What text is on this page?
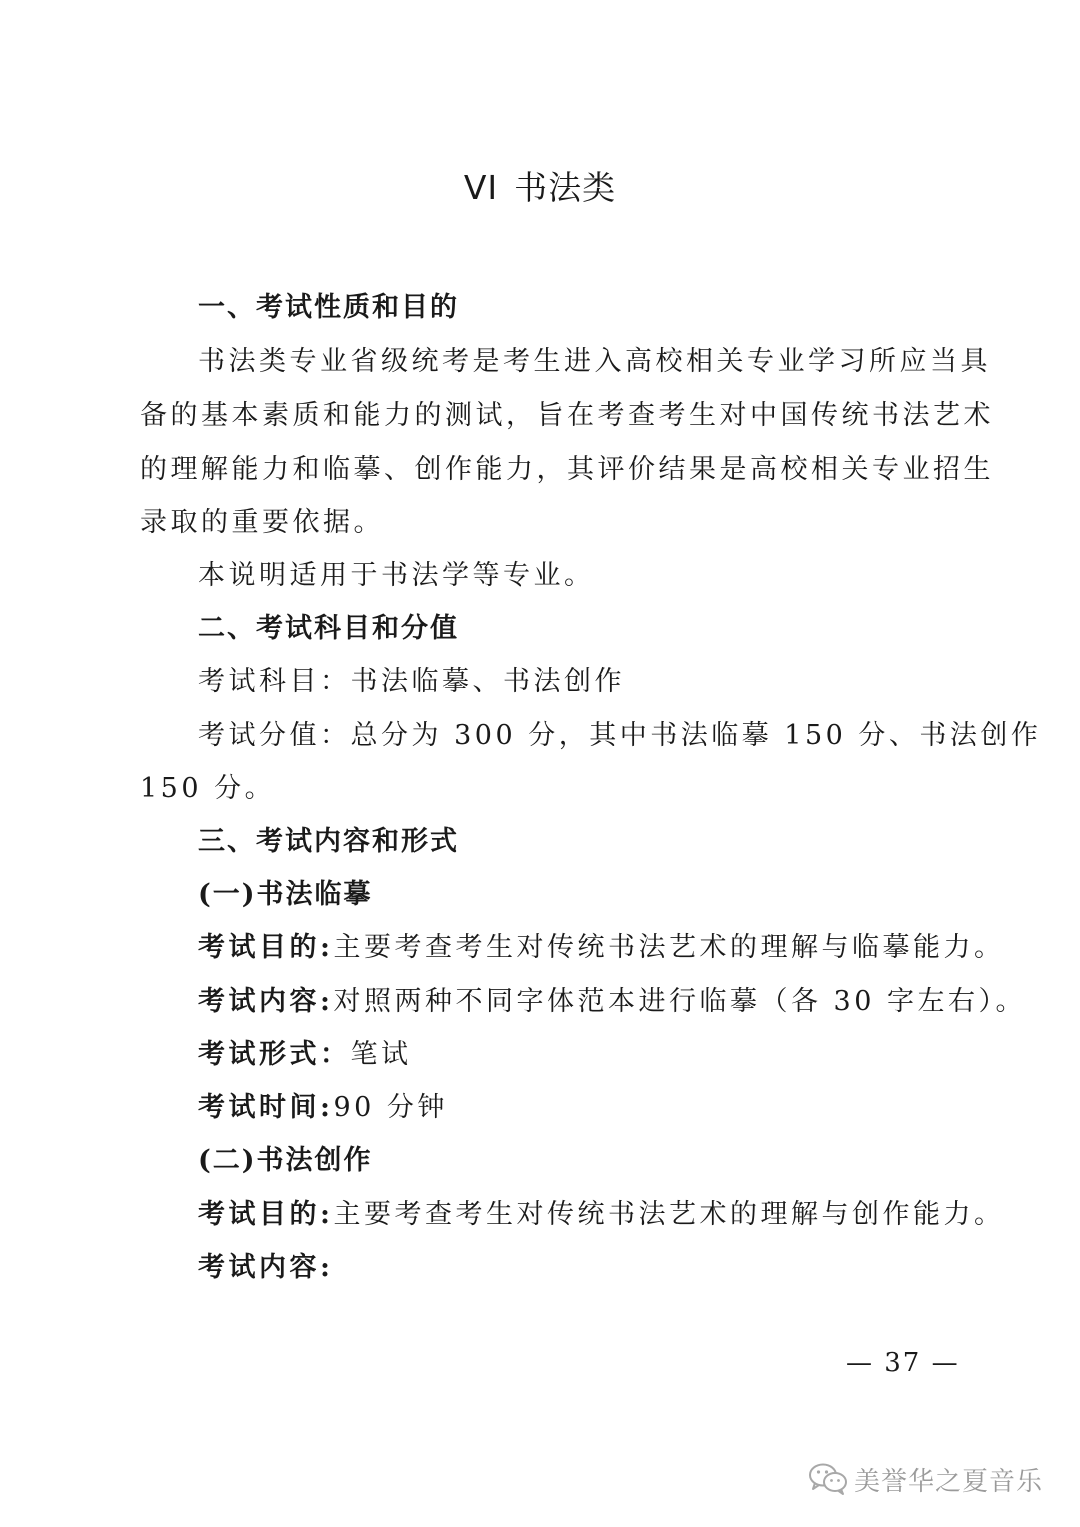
VI 书法类
一、考试性质和目的
书法类专业省级统考是考生进入高校相关专业学习所应当具
备的基本素质和能力的测试，旨在考查考生对中国传统书法艺术
的理解能力和临摹、创作能力，其评价结果是高校相关专业招生
录取的重要依据。
本说明适用于书法学等专业。
二、考试科目和分值
考试科目：书法临摹、书法创作
考试分值：总分为 300 分，其中书法临摹 150 分、书法创作
150 分。
三、考试内容和形式
(一)书法临摹
考试目的:主要考查考生对传统书法艺术的理解与临摹能力。
考试内容:对照两种不同字体范本进行临摹（各 30 字左右）。
考试形式：笔试
考试时间:90 分钟
(二)书法创作
考试目的:主要考查考生对传统书法艺术的理解与创作能力。
考试内容:
— 37 —
美誉华之夏音乐
